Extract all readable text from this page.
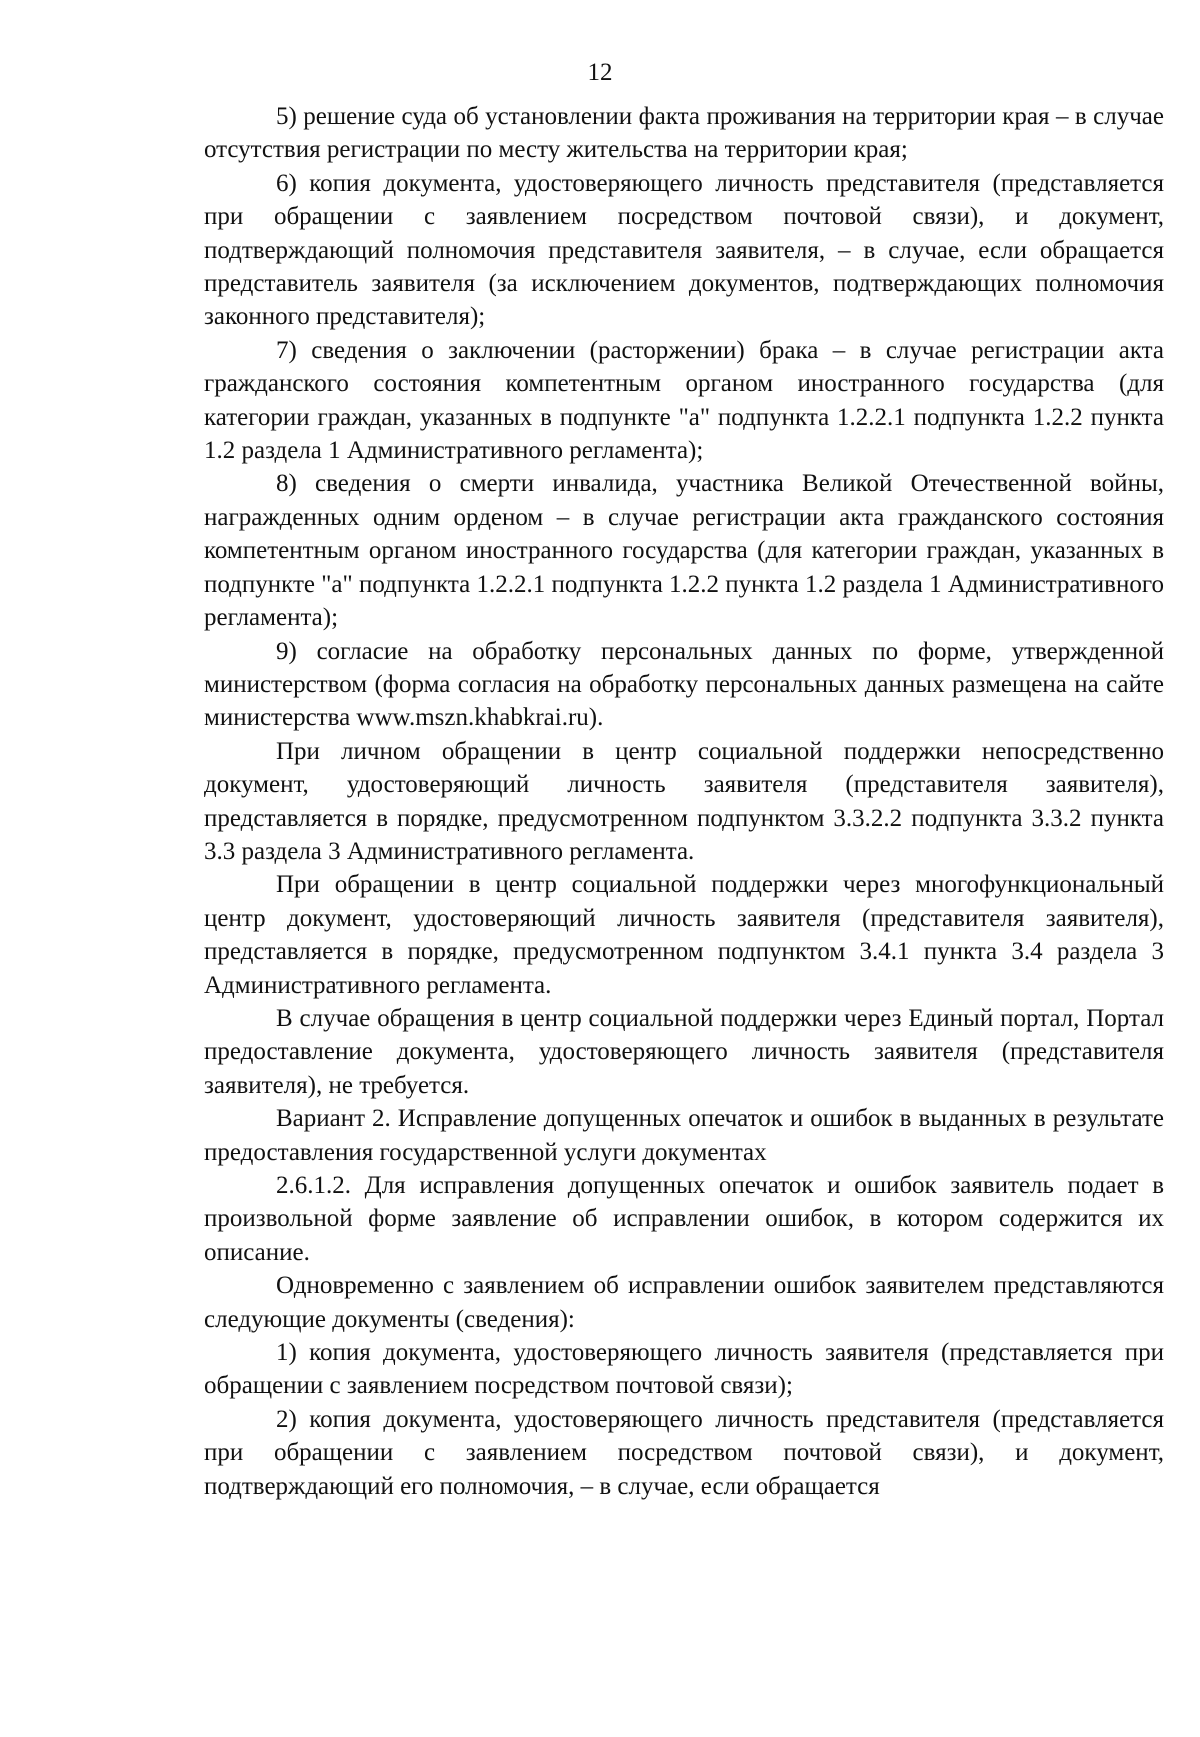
12

5) решение суда об установлении факта проживания на территории края – в случае отсутствия регистрации по месту жительства на территории края;

6) копия документа, удостоверяющего личность представителя (представляется при обращении с заявлением посредством почтовой связи), и документ, подтверждающий полномочия представителя заявителя, – в случае, если обращается представитель заявителя (за исключением документов, подтверждающих полномочия законного представителя);

7) сведения о заключении (расторжении) брака – в случае регистрации акта гражданского состояния компетентным органом иностранного государства (для категории граждан, указанных в подпункте "а" подпункта 1.2.2.1 подпункта 1.2.2 пункта 1.2 раздела 1 Административного регламента);

8) сведения о смерти инвалида, участника Великой Отечественной войны, награжденных одним орденом – в случае регистрации акта гражданского состояния компетентным органом иностранного государства (для категории граждан, указанных в подпункте "а" подпункта 1.2.2.1 подпункта 1.2.2 пункта 1.2 раздела 1 Административного регламента);

9) согласие на обработку персональных данных по форме, утвержденной министерством (форма согласия на обработку персональных данных размещена на сайте министерства www.mszn.khabkrai.ru).

При личном обращении в центр социальной поддержки непосредственно документ, удостоверяющий личность заявителя (представителя заявителя), представляется в порядке, предусмотренном подпунктом 3.3.2.2 подпункта 3.3.2 пункта 3.3 раздела 3 Административного регламента.

При обращении в центр социальной поддержки через многофункциональный центр документ, удостоверяющий личность заявителя (представителя заявителя), представляется в порядке, предусмотренном подпунктом 3.4.1 пункта 3.4 раздела 3 Административного регламента.

В случае обращения в центр социальной поддержки через Единый портал, Портал предоставление документа, удостоверяющего личность заявителя (представителя заявителя), не требуется.

Вариант 2. Исправление допущенных опечаток и ошибок в выданных в результате предоставления государственной услуги документах

2.6.1.2. Для исправления допущенных опечаток и ошибок заявитель подает в произвольной форме заявление об исправлении ошибок, в котором содержится их описание.

Одновременно с заявлением об исправлении ошибок заявителем представляются следующие документы (сведения):

1) копия документа, удостоверяющего личность заявителя (представляется при обращении с заявлением посредством почтовой связи);

2) копия документа, удостоверяющего личность представителя (представляется при обращении с заявлением посредством почтовой связи), и документ, подтверждающий его полномочия, – в случае, если обращается
